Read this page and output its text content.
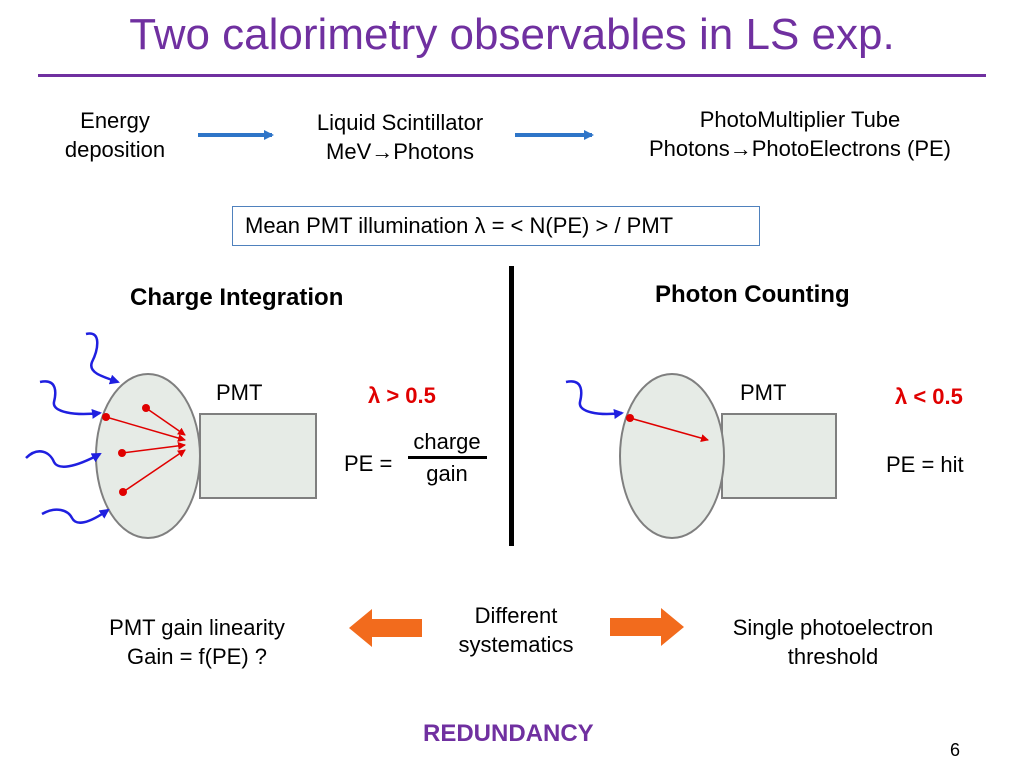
Two calorimetry observables in LS exp.
Energy
deposition
Liquid Scintillator
MeV→Photons
PhotoMultiplier Tube
Photons→PhotoElectrons (PE)
Mean PMT illumination λ = < N(PE) > / PMT
Charge Integration
PMT	λ > 0.5
PE =
charge
gain
Photon Counting
PMT	λ < 0.5
PE = hit
PMT gain linearity
Gain = f(PE) ?
Different
systematics
Single photoelectron
threshold
REDUNDANCY
6
